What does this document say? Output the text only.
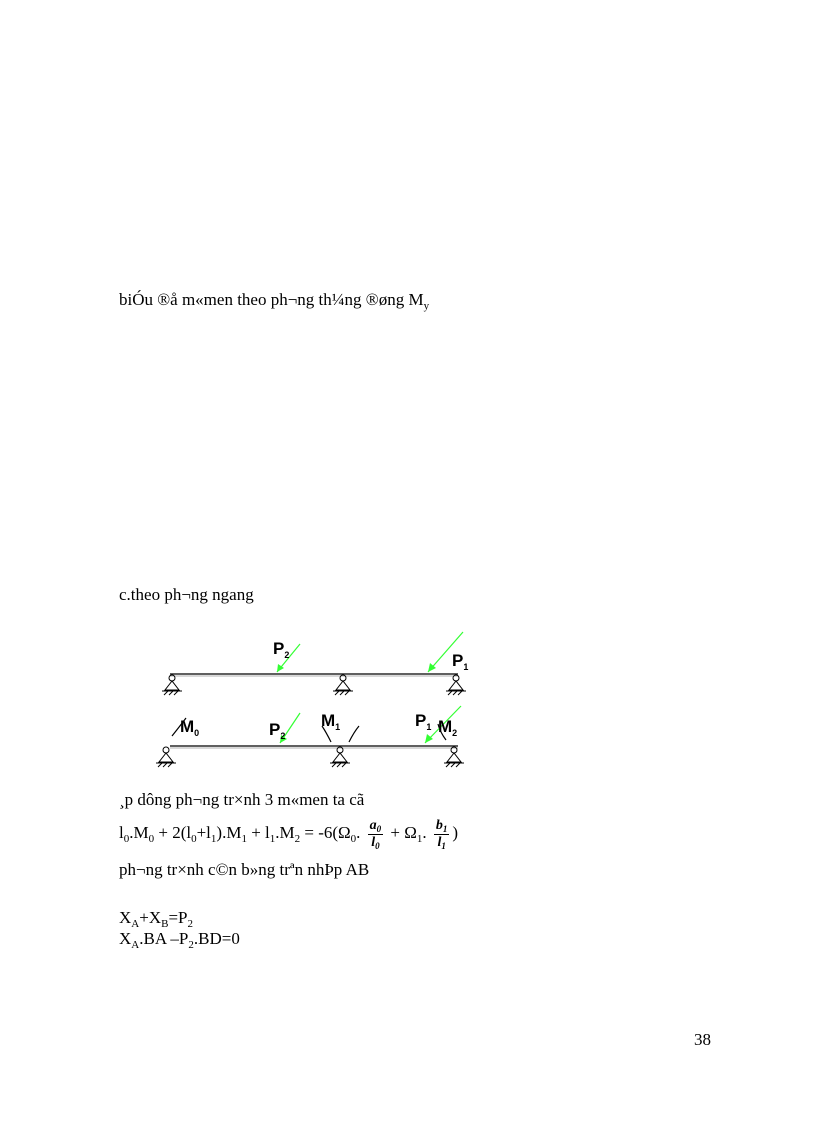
biÓu ®å m«men theo ph¬ng th¼ng ®øng $M_y$
c.theo ph¬ng ngang
$P_2$	$P_1$
$M_0$	$P_2$
$M_1$	$P_1$ $M_2$
¸p dông ph¬ng tr×nh 3 m«men ta cã
$l_0.M_0 + 2(l_0+l_1).M_1 + l_1.M_2 = -6(\Omega_0$. $\frac{a_0}{l_0} + \Omega_1$. $\frac{b_1}{l_1}$ )
ph¬ng tr×nh c©n b»ng trªn nhÞp AB
$X_A+X_B=P_2$
$X_A.BA$ $-P_2.BD=0$
38
